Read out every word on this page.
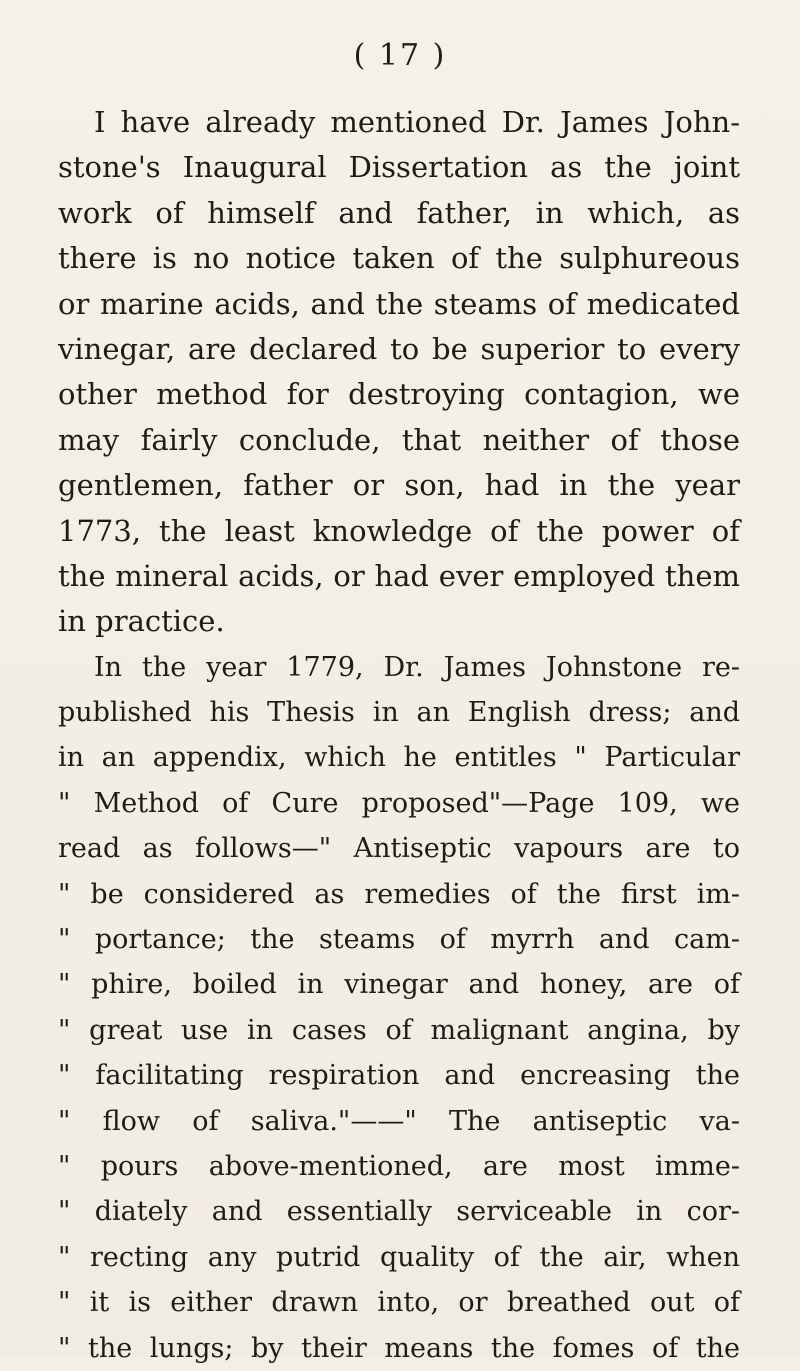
( 17 )
I have already mentioned Dr. James John-
stone's Inaugural Dissertation as the joint
work of himself and father, in which, as
there is no notice taken of the sulphureous
or marine acids, and the steams of medicated
vinegar, are declared to be superior to every
other method for destroying contagion, we
may fairly conclude, that neither of those
gentlemen, father or son, had in the year
1773, the least knowledge of the power of
the mineral acids, or had ever employed them
in practice.
In the year 1779, Dr. James Johnstone re-
published his Thesis in an English dress; and
in an appendix, which he entitles " Particular
" Method of Cure proposed"—Page 109, we
read as follows—" Antiseptic vapours are to
" be considered as remedies of the first im-
" portance; the steams of myrrh and cam-
" phire, boiled in vinegar and honey, are of
" great use in cases of malignant angina, by
" facilitating respiration and encreasing the
" flow of saliva."——" The antiseptic va-
" pours above-mentioned, are most imme-
" diately and essentially serviceable in cor-
" recting any putrid quality of the air, when
" it is either drawn into, or breathed out of
" the lungs; by their means the fomes of the
